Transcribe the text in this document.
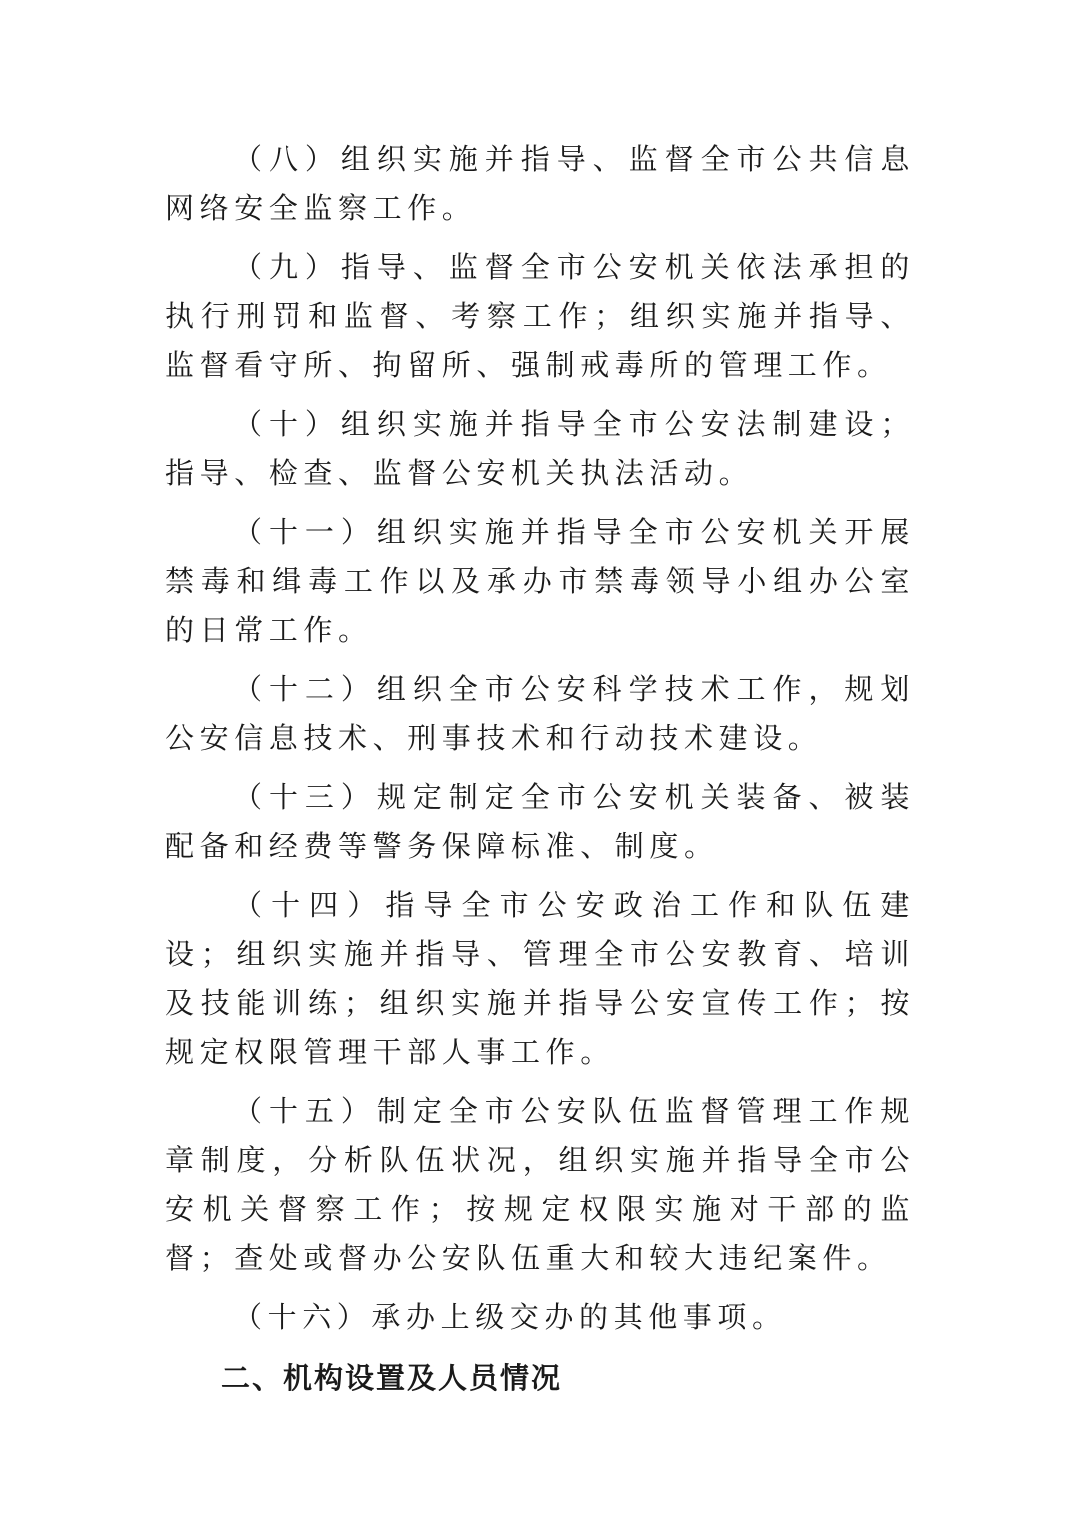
（八）组织实施并指导、监督全市公共信息网络安全监察工作。

（九）指导、监督全市公安机关依法承担的执行刑罚和监督、考察工作；组织实施并指导、监督看守所、拘留所、强制戒毒所的管理工作。

（十）组织实施并指导全市公安法制建设；指导、检查、监督公安机关执法活动。

（十一）组织实施并指导全市公安机关开展禁毒和缉毒工作以及承办市禁毒领导小组办公室的日常工作。

（十二）组织全市公安科学技术工作，规划公安信息技术、刑事技术和行动技术建设。

（十三）规定制定全市公安机关装备、被装配备和经费等警务保障标准、制度。

（十四）指导全市公安政治工作和队伍建设；组织实施并指导、管理全市公安教育、培训及技能训练；组织实施并指导公安宣传工作；按规定权限管理干部人事工作。

（十五）制定全市公安队伍监督管理工作规章制度，分析队伍状况，组织实施并指导全市公安机关督察工作；按规定权限实施对干部的监督；查处或督办公安队伍重大和较大违纪案件。

（十六）承办上级交办的其他事项。

二、机构设置及人员情况
